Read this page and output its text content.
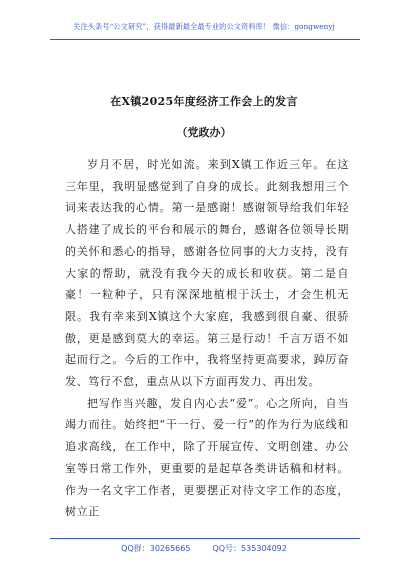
关注头条号“公文研究”，获得最新最全最专业的公文资料库！ 微信：gongwenyj
在X镇2025年度经济工作会上的发言
（党政办）

岁月不居，时光如流。来到X镇工作近三年。在这三年里，我明显感觉到了自身的成长。此刻我想用三个词来表达我的心情。第一是感谢！感谢领导给我们年轻人搭建了成长的平台和展示的舞台，感谢各位领导长期的关怀和悉心的指导，感谢各位同事的大力支持，没有大家的帮助，就没有我今天的成长和收获。第二是自豪！一粒种子，只有深深地植根于沃土，才会生机无限。我有幸来到X镇这个大家庭，我感到很自豪、很骄傲，更是感到莫大的幸运。第三是行动！千言万语不如起而行之。今后的工作中，我将坚持更高要求，踔厉奋发、笃行不怠，重点从以下方面再发力、再出发。

把写作当兴趣，发自内心去“爱”。心之所向，自当竭力而往。始终把“干一行、爱一行”的作为行为底线和追求高线，在工作中，除了开展宣传、文明创建、办公室等日常工作外，更重要的是起草各类讲话稿和材料。作为一名文字工作者，更要摆正对待文字工作的态度，树立正

QQ群：30265665	QQ号：535304092
